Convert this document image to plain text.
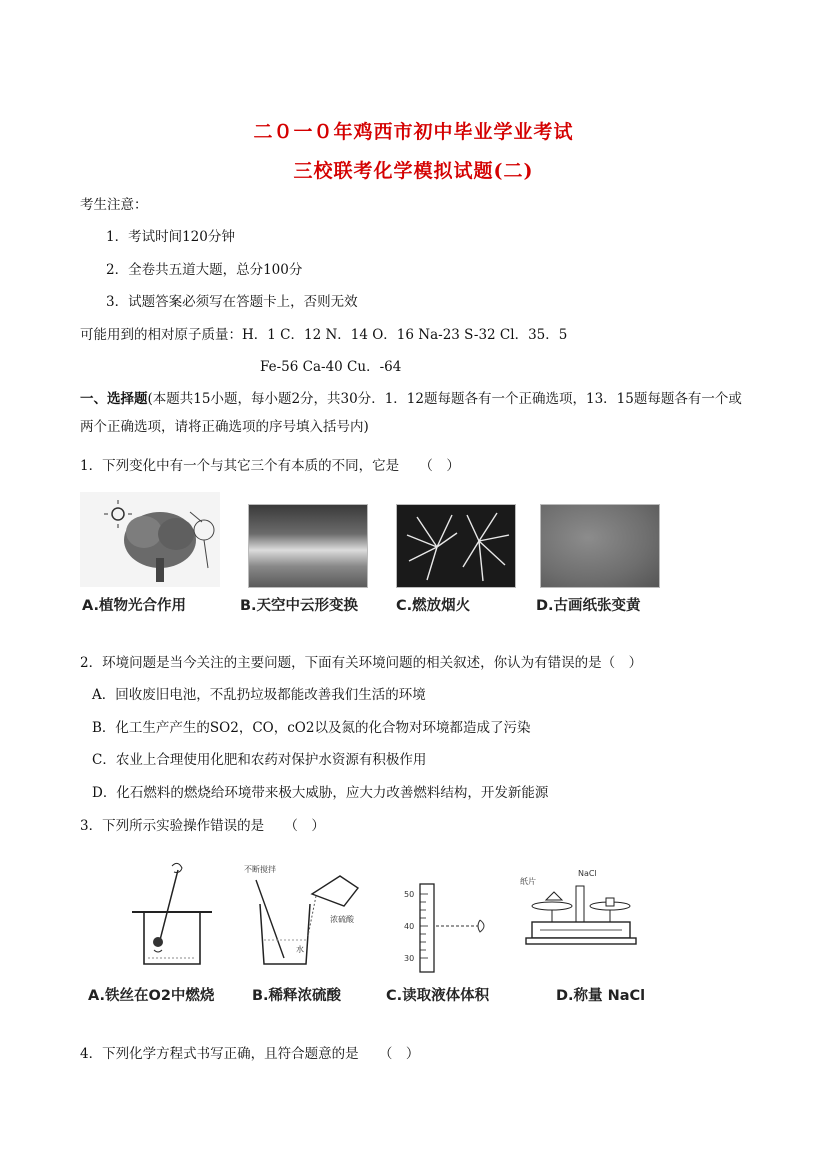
二０一０年鸡西市初中毕业学业考试
三校联考化学模拟试题(二)
考生注意：
1．考试时间120分钟
2．全卷共五道大题，总分100分
3．试题答案必须写在答题卡上，否则无效
可能用到的相对原子质量：H．1 C．12 N．14 O．16 Na-23 S-32 Cl．35．5
Fe-56 Ca-40 Cu．-64
一、选择题(本题共15小题，每小题2分，共30分．1．12题每题各有一个正确选项，13．15题每题各有一个或两个正确选项，请将正确选项的序号填入括号内)
1．下列变化中有一个与其它三个有本质的不同，它是　　（　）
A.植物光合作用	B.天空中云形变换	C.燃放烟火	D.古画纸张变黄
2．环境问题是当今关注的主要问题，下面有关环境问题的相关叙述，你认为有错误的是（　）
A．回收废旧电池，不乱扔垃圾都能改善我们生活的环境
B．化工生产产生的SO2，CO，cO2以及氮的化合物对环境都造成了污染
C．农业上合理使用化肥和农药对保护水资源有积极作用
D．化石燃料的燃烧给环境带来极大威胁，应大力改善燃料结构，开发新能源
3．下列所示实验操作错误的是　　（　）
不断搅拌
浓硫酸
水
50
40
30
纸片
NaCl
A.铁丝在O2中燃烧	B.稀释浓硫酸	C.读取液体体积	D.称量 NaCl
4．下列化学方程式书写正确，且符合题意的是　　（　）
